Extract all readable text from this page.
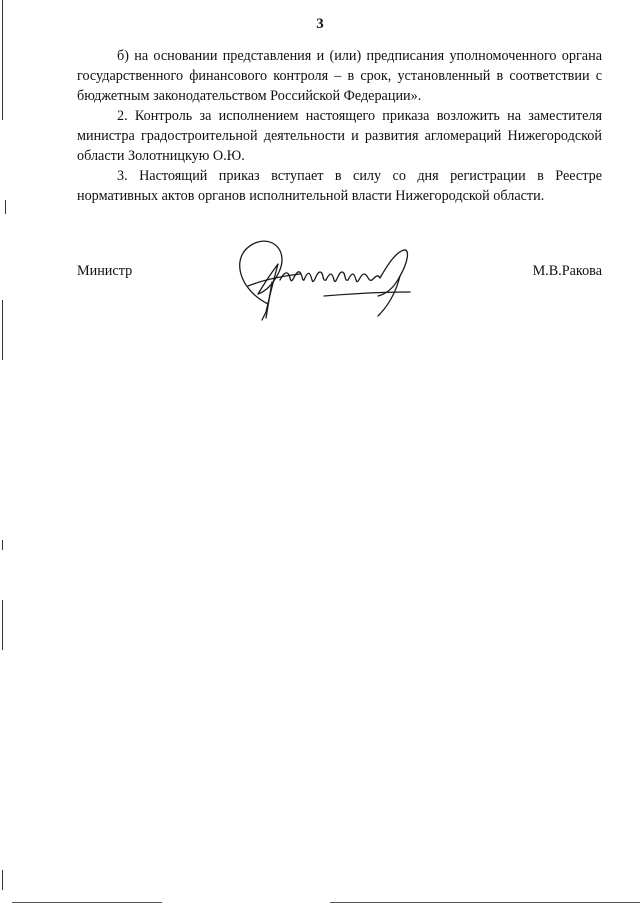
3

б) на основании представления и (или) предписания уполномоченного органа государственного финансового контроля – в срок, установленный в соответствии с бюджетным законодательством Российской Федерации».

2. Контроль за исполнением настоящего приказа возложить на заместителя министра градостроительной деятельности и развития агломераций Нижегородской области Золотницкую О.Ю.

3. Настоящий приказ вступает в силу со дня регистрации в Реестре нормативных актов органов исполнительной власти Нижегородской области.

Министр	М.В.Ракова
